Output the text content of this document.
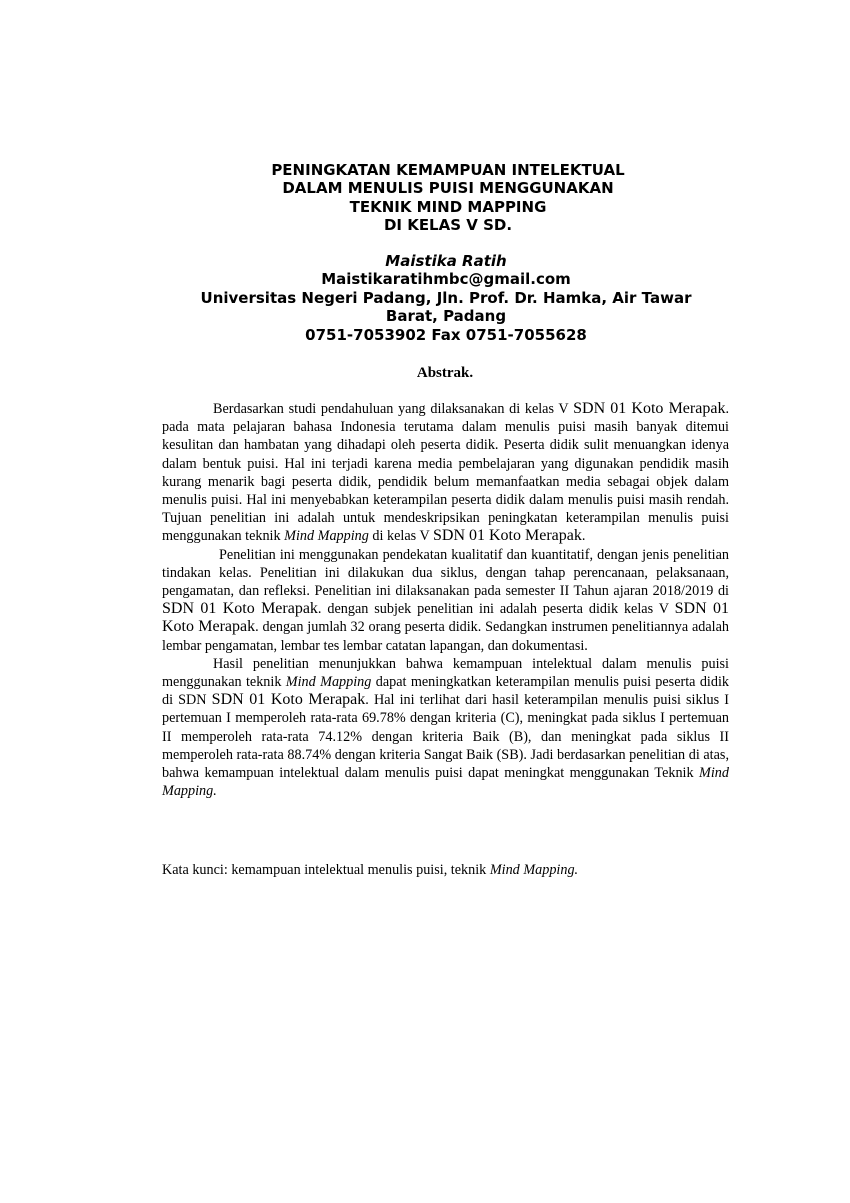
PENINGKATAN KEMAMPUAN INTELEKTUAL
DALAM MENULIS PUISI MENGGUNAKAN
TEKNIK MIND MAPPING
DI KELAS V SD.
Maistika Ratih
Maistikaratihmbc@gmail.com
Universitas Negeri Padang, Jln. Prof. Dr. Hamka, Air Tawar
Barat, Padang
0751-7053902 Fax 0751-7055628
Abstrak.

Berdasarkan studi pendahuluan yang dilaksanakan di kelas V SDN 01 Koto Merapak. pada mata pelajaran bahasa Indonesia terutama dalam menulis puisi masih banyak ditemui kesulitan dan hambatan yang dihadapi oleh peserta didik. Peserta didik sulit menuangkan idenya dalam bentuk puisi. Hal ini terjadi karena media pembelajaran yang digunakan pendidik masih kurang menarik bagi peserta didik, pendidik belum memanfaatkan media sebagai objek dalam menulis puisi. Hal ini menyebabkan keterampilan peserta didik dalam menulis puisi masih rendah. Tujuan penelitian ini adalah untuk mendeskripsikan peningkatan keterampilan menulis puisi menggunakan teknik Mind Mapping di kelas V SDN 01 Koto Merapak.

Penelitian ini menggunakan pendekatan kualitatif dan kuantitatif, dengan jenis penelitian tindakan kelas. Penelitian ini dilakukan dua siklus, dengan tahap perencanaan, pelaksanaan, pengamatan, dan refleksi. Penelitian ini dilaksanakan pada semester II Tahun ajaran 2018/2019 di SDN 01 Koto Merapak. dengan subjek penelitian ini adalah peserta didik kelas V SDN 01 Koto Merapak. dengan jumlah 32 orang peserta didik. Sedangkan instrumen penelitiannya adalah lembar pengamatan, lembar tes lembar catatan lapangan, dan dokumentasi.

Hasil penelitian menunjukkan bahwa kemampuan intelektual dalam menulis puisi menggunakan teknik Mind Mapping dapat meningkatkan keterampilan menulis puisi peserta didik di SDN SDN 01 Koto Merapak. Hal ini terlihat dari hasil keterampilan menulis puisi siklus I pertemuan I memperoleh rata-rata 69.78% dengan kriteria (C), meningkat pada siklus I pertemuan II memperoleh rata-rata 74.12% dengan kriteria Baik (B), dan meningkat pada siklus II memperoleh rata-rata 88.74% dengan kriteria Sangat Baik (SB). Jadi berdasarkan penelitian di atas, bahwa kemampuan intelektual dalam menulis puisi dapat meningkat menggunakan Teknik Mind Mapping.

Kata kunci: kemampuan intelektual menulis puisi, teknik Mind Mapping.
